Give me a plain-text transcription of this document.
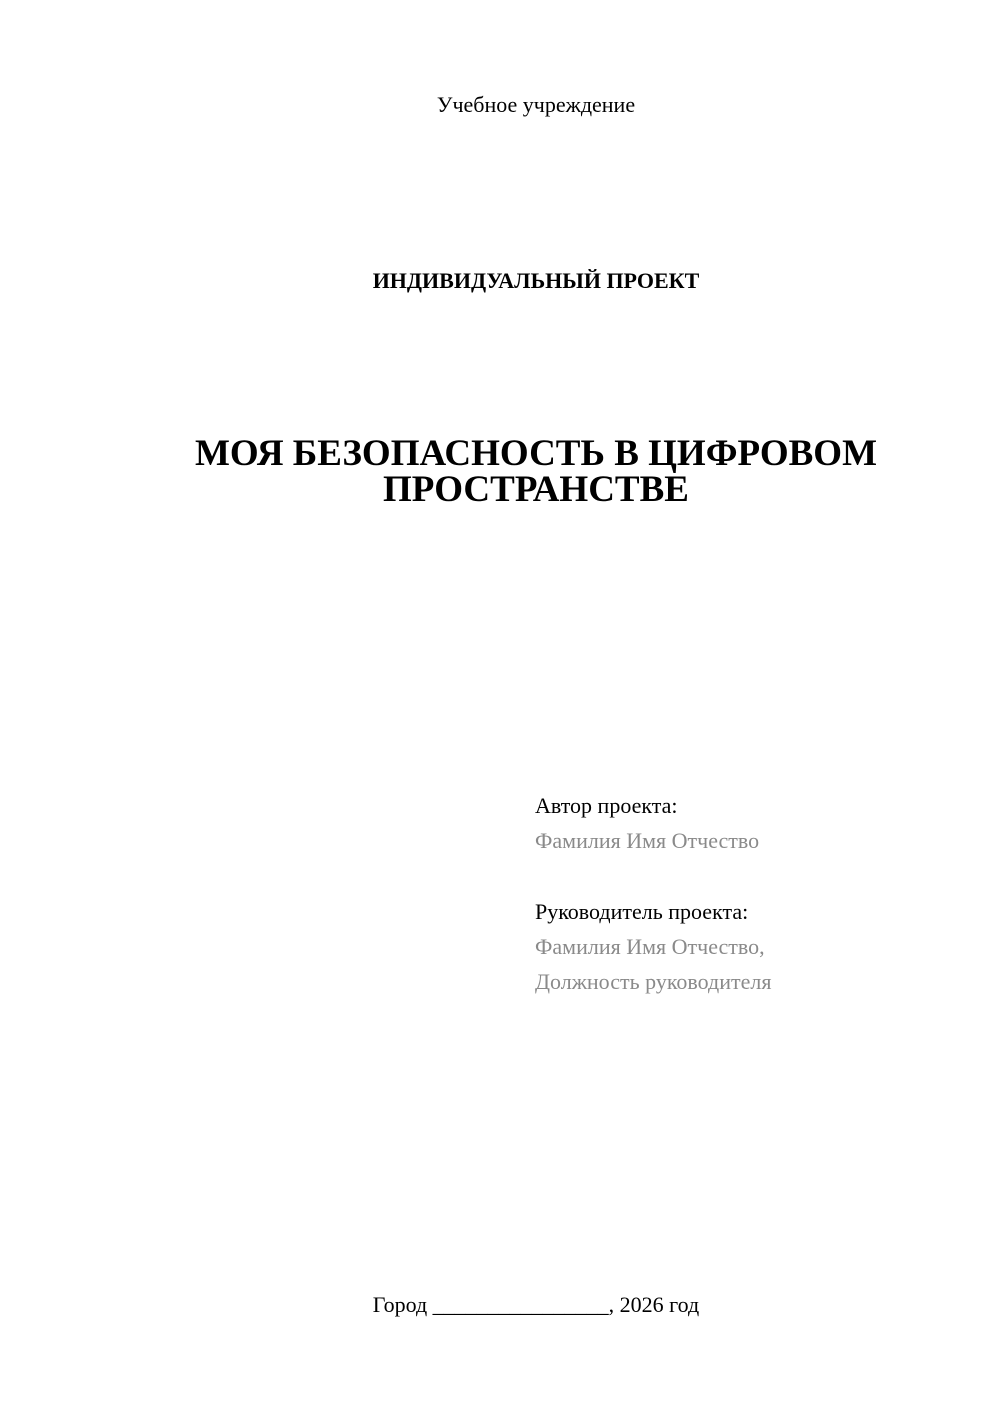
Учебное учреждение
ИНДИВИДУАЛЬНЫЙ ПРОЕКТ
МОЯ БЕЗОПАСНОСТЬ В ЦИФРОВОМ
ПРОСТРАНСТВЕ
Автор проекта:
Фамилия Имя Отчество
Руководитель проекта:
Фамилия Имя Отчество,
Должность руководителя
Город ________________, 2026 год
